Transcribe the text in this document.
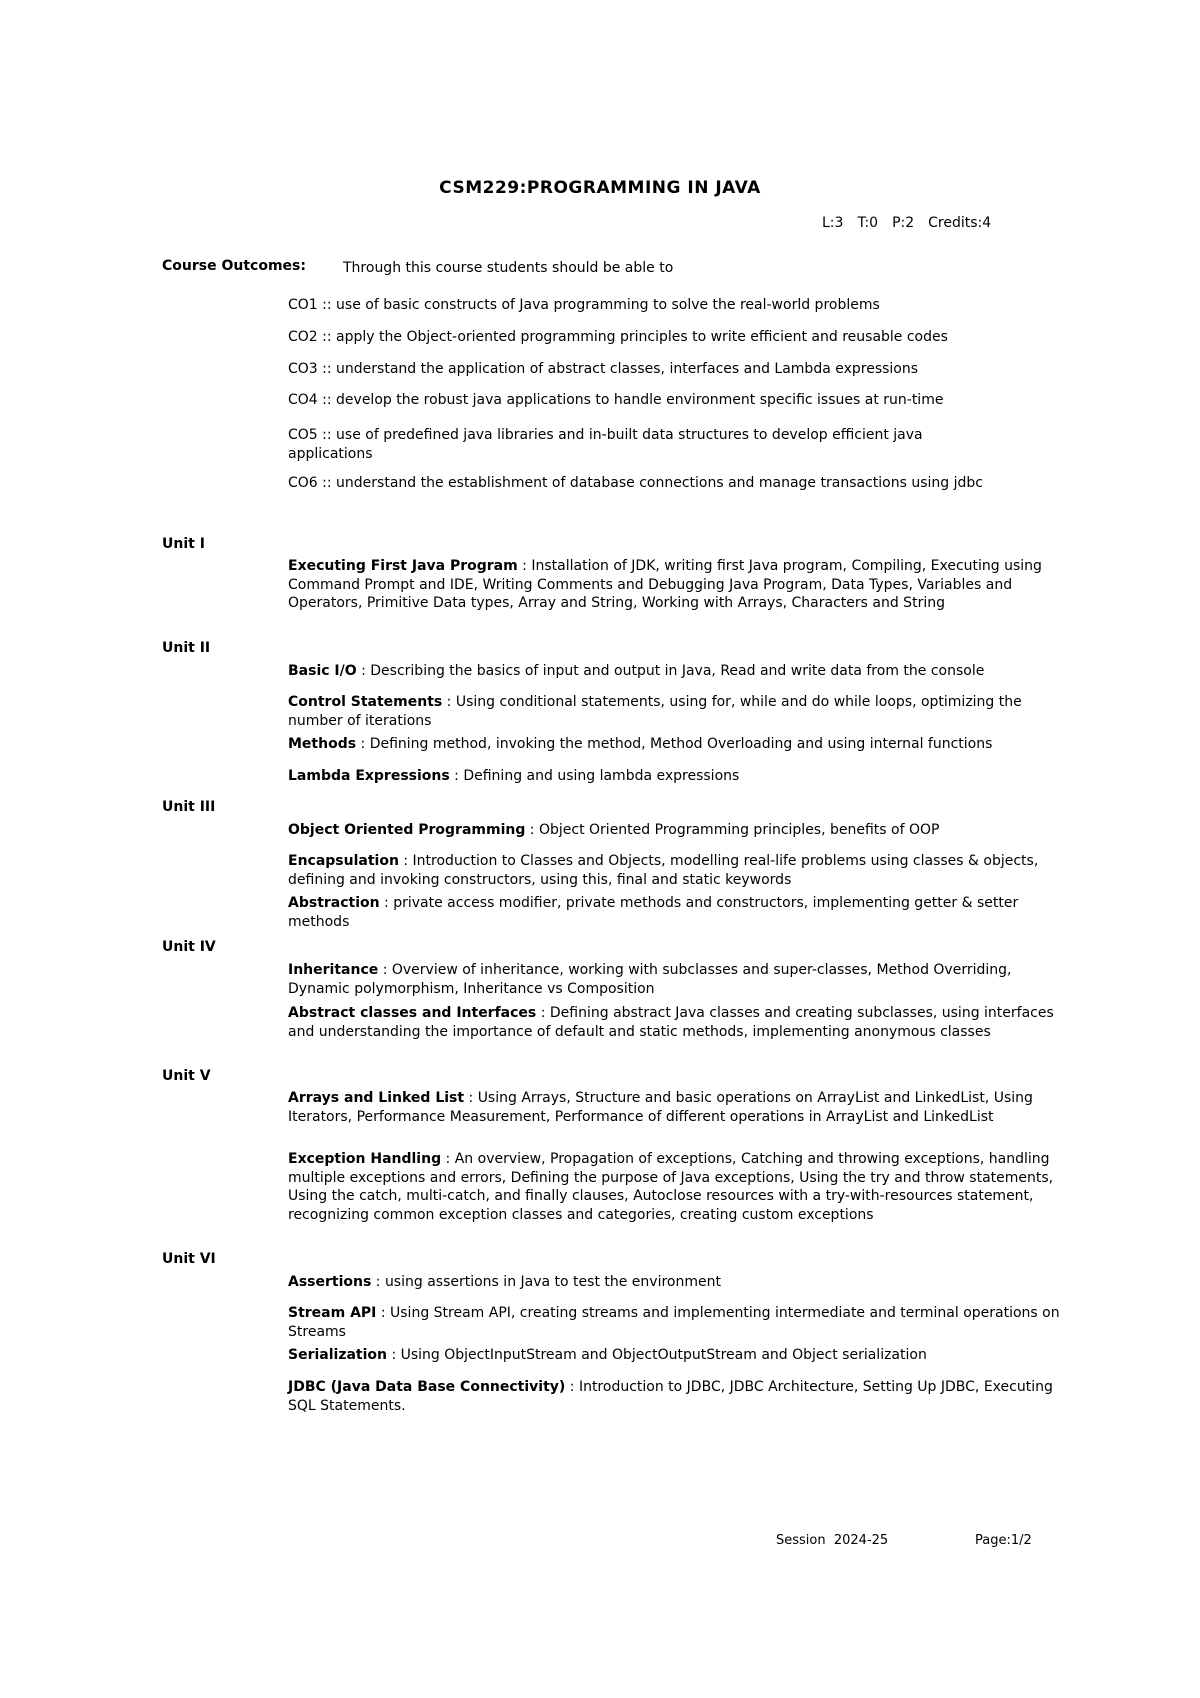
CSM229:PROGRAMMING IN JAVA
L:3 T:0 P:2 Credits:4
Course Outcomes:	Through this course students should be able to
CO1 :: use of basic constructs of Java programming to solve the real-world problems
CO2 :: apply the Object-oriented programming principles to write efficient and reusable codes
CO3 :: understand the application of abstract classes, interfaces and Lambda expressions
CO4 :: develop the robust java applications to handle environment specific issues at run-time
CO5 :: use of predefined java libraries and in-built data structures to develop efficient java applications
CO6 :: understand the establishment of database connections and manage transactions using jdbc
Unit I
Executing First Java Program : Installation of JDK, writing first Java program, Compiling, Executing using Command Prompt and IDE, Writing Comments and Debugging Java Program, Data Types, Variables and Operators, Primitive Data types, Array and String, Working with Arrays, Characters and String
Unit II
Basic I/O : Describing the basics of input and output in Java, Read and write data from the console
Control Statements : Using conditional statements, using for, while and do while loops, optimizing the number of iterations
Methods : Defining method, invoking the method, Method Overloading and using internal functions
Lambda Expressions : Defining and using lambda expressions
Unit III
Object Oriented Programming : Object Oriented Programming principles, benefits of OOP
Encapsulation : Introduction to Classes and Objects, modelling real-life problems using classes & objects, defining and invoking constructors, using this, final and static keywords
Abstraction : private access modifier, private methods and constructors, implementing getter & setter methods
Unit IV
Inheritance : Overview of inheritance, working with subclasses and super-classes, Method Overriding, Dynamic polymorphism, Inheritance vs Composition
Abstract classes and Interfaces : Defining abstract Java classes and creating subclasses, using interfaces and understanding the importance of default and static methods, implementing anonymous classes
Unit V
Arrays and Linked List : Using Arrays, Structure and basic operations on ArrayList and LinkedList, Using Iterators, Performance Measurement, Performance of different operations in ArrayList and LinkedList
Exception Handling : An overview, Propagation of exceptions, Catching and throwing exceptions, handling multiple exceptions and errors, Defining the purpose of Java exceptions, Using the try and throw statements, Using the catch, multi-catch, and finally clauses, Autoclose resources with a try-with-resources statement, recognizing common exception classes and categories, creating custom exceptions
Unit VI
Assertions : using assertions in Java to test the environment
Stream API : Using Stream API, creating streams and implementing intermediate and terminal operations on Streams
Serialization : Using ObjectInputStream and ObjectOutputStream and Object serialization
JDBC (Java Data Base Connectivity) : Introduction to JDBC, JDBC Architecture, Setting Up JDBC, Executing SQL Statements.
Session  2024-25	Page:1/2
